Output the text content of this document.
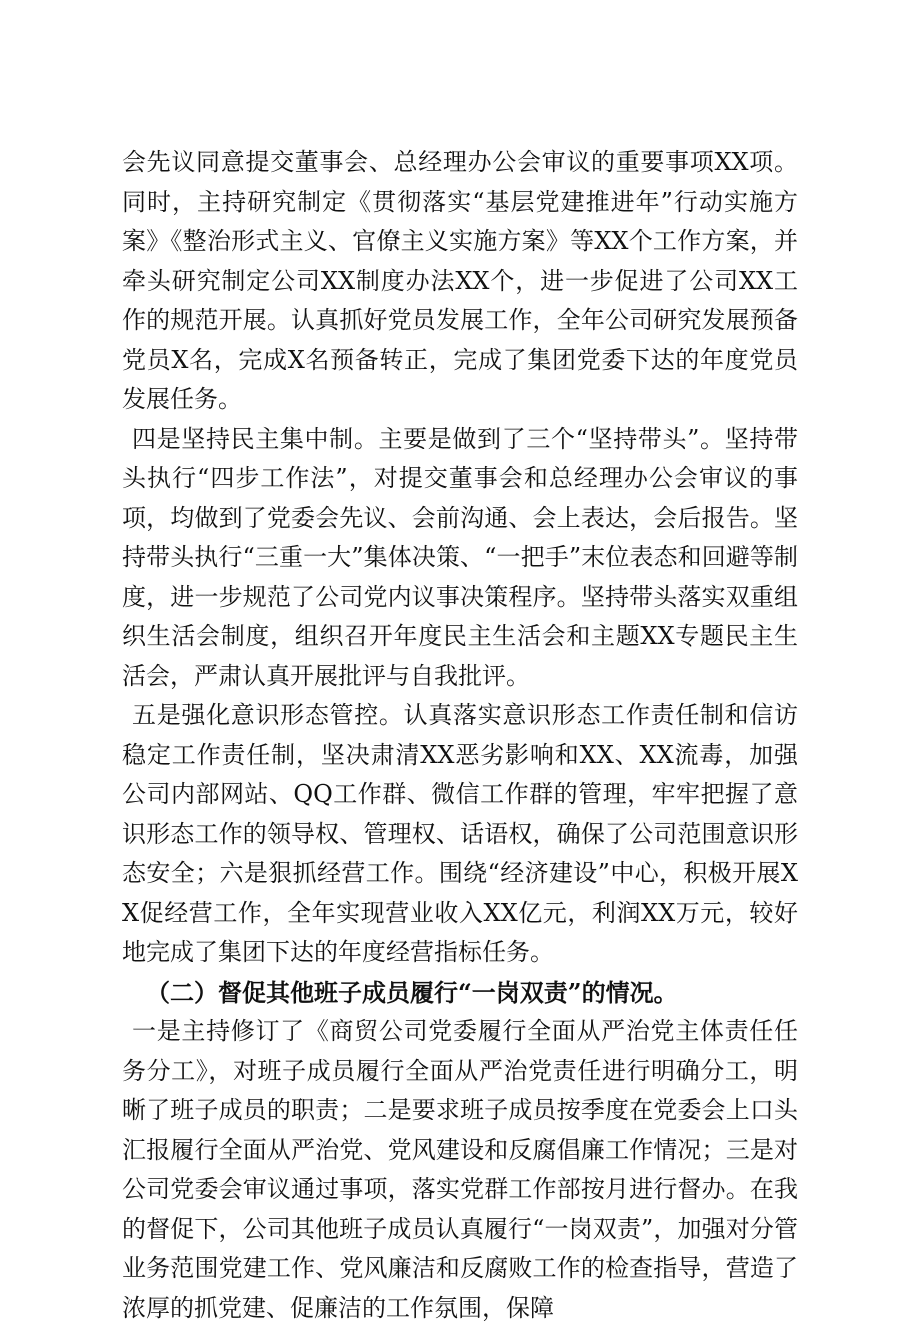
会先议同意提交董事会、总经理办公会审议的重要事项XX项。同时，主持研究制定《贯彻落实“基层党建推进年”行动实施方案》《整治形式主义、官僚主义实施方案》等XX个工作方案，并牵头研究制定公司XX制度办法XX个，进一步促进了公司XX工作的规范开展。认真抓好党员发展工作，全年公司研究发展预备党员X名，完成X名预备转正，完成了集团党委下达的年度党员发展任务。

四是坚持民主集中制。主要是做到了三个“坚持带头”。坚持带头执行“四步工作法”，对提交董事会和总经理办公会审议的事项，均做到了党委会先议、会前沟通、会上表达，会后报告。坚持带头执行“三重一大”集体决策、“一把手”末位表态和回避等制度，进一步规范了公司党内议事决策程序。坚持带头落实双重组织生活会制度，组织召开年度民主生活会和主题XX专题民主生活会，严肃认真开展批评与自我批评。

五是强化意识形态管控。认真落实意识形态工作责任制和信访稳定工作责任制，坚决肃清XX恶劣影响和XX、XX流毒，加强公司内部网站、QQ工作群、微信工作群的管理，牢牢把握了意识形态工作的领导权、管理权、话语权，确保了公司范围意识形态安全；六是狠抓经营工作。围绕“经济建设”中心，积极开展XX促经营工作，全年实现营业收入XX亿元，利润XX万元，较好地完成了集团下达的年度经营指标任务。

（二）督促其他班子成员履行“一岗双责”的情况。

一是主持修订了《商贸公司党委履行全面从严治党主体责任任务分工》，对班子成员履行全面从严治党责任进行明确分工，明晰了班子成员的职责；二是要求班子成员按季度在党委会上口头汇报履行全面从严治党、党风建设和反腐倡廉工作情况；三是对公司党委会审议通过事项，落实党群工作部按月进行督办。在我的督促下，公司其他班子成员认真履行“一岗双责”，加强对分管业务范围党建工作、党风廉洁和反腐败工作的检查指导，营造了浓厚的抓党建、促廉洁的工作氛围，保障
